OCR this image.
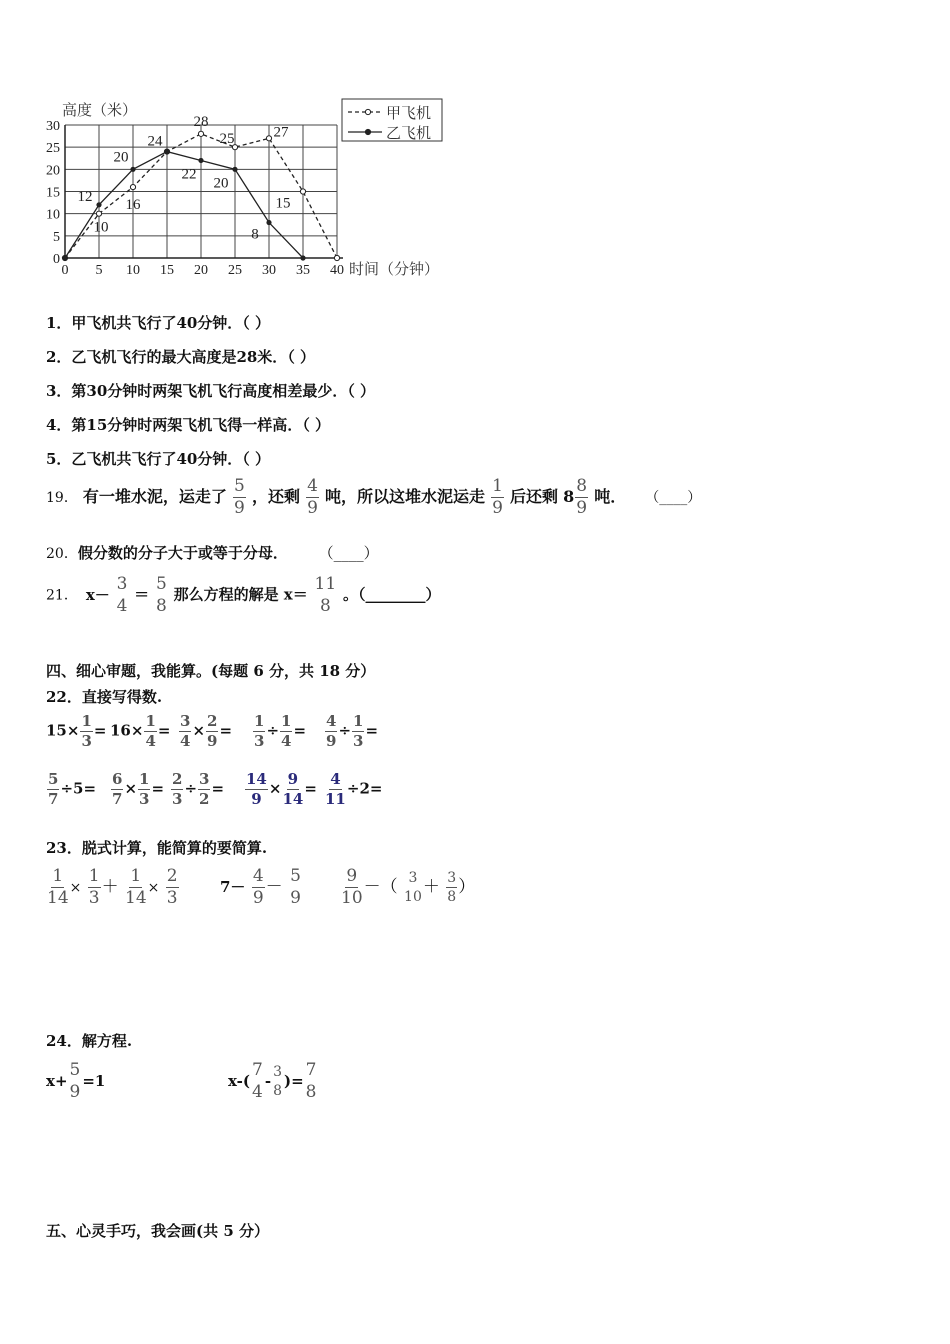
10
16
28
25	27
15
12
20
24
22
20
8
0 5 10 15 20 25 30 35 40
0
5
10
15
20
25
30
高度（米）
时间（分钟）
甲飞机
乙飞机
1．甲飞机共飞行了40分钟．（ ）
2．乙飞机飞行的最大高度是28米．（ ）
3．第30分钟时两架飞机飞行高度相差最少．（ ）
4．第15分钟时两架飞机飞得一样高．（ ）
5．乙飞机共飞行了40分钟．（ ）
19． 有一堆水泥，运走了 $\frac{5}{9}$ ，还剩 $\frac{4}{9}$ 吨，所以这堆水泥运走 $\frac{1}{9}$ 后还剩 $8 \frac{8}{9}$ 吨． （____）
20．假分数的分子大于或等于分母． （____）
21． x－
3
4
＝
5
8
那么方程的解是 x＝
11
8
。（________）
四、细心审题，我能算。(每题 6 分，共 18 分）
22．直接写得数.
$15\times \frac{1}{3} = 16\times \frac{1}{4} = \frac{3}{4} \times \frac{2}{9} = \frac{1}{3} \div \frac{1}{4} = \frac{4}{9} \div \frac{1}{3}$ =
$\frac{5}{7} \div 5= \frac{6}{7} \times \frac{1}{3} = \frac{2}{3} \div \frac{3}{2} = \frac{14}{9} \times \frac{9}{14} = \frac{4}{11} \div 2=$
23．脱式计算，能简算的要简算.
$\frac{1}{14} \times \frac{1}{3} + \frac{1}{14} \times \frac{2}{3}$	$7- \frac{4}{9}$ －
5
$9 \frac{9}{10}$ －（ 3
$10 + \frac{3}{8}$ ）
24．解方程.
x+
5
9
=1	x-(
7
4
- 3
8
)=
7
8
五、心灵手巧，我会画(共 5 分）
